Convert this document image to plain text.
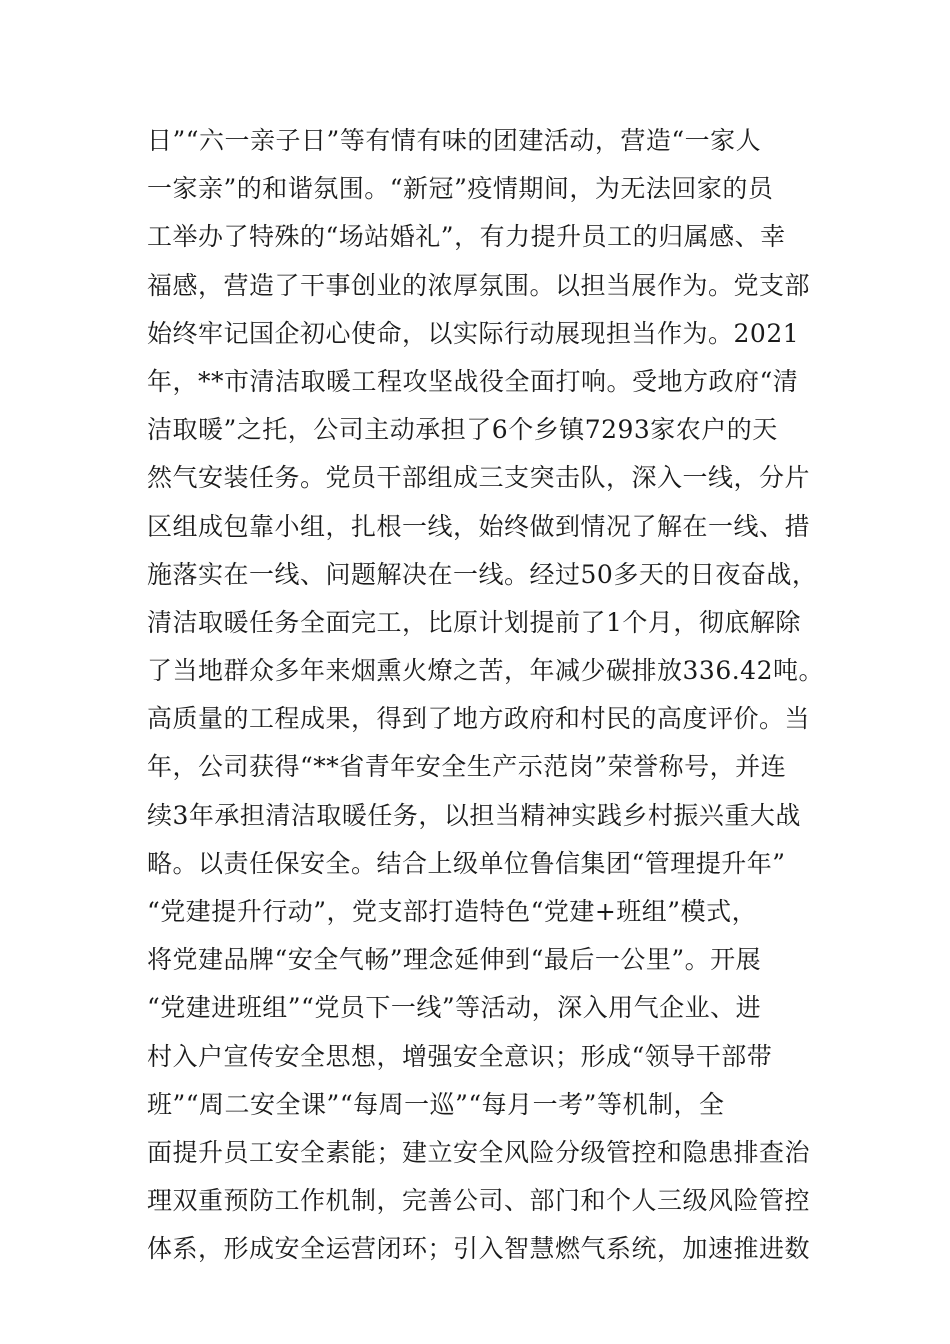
日”“六一亲子日”等有情有味的团建活动，营造“一家人
一家亲”的和谐氛围。“新冠”疫情期间，为无法回家的员
工举办了特殊的“场站婚礼”，有力提升员工的归属感、幸
福感，营造了干事创业的浓厚氛围。以担当展作为。党支部
始终牢记国企初心使命，以实际行动展现担当作为。2021
年，**市清洁取暖工程攻坚战役全面打响。受地方政府“清
洁取暖”之托，公司主动承担了6个乡镇7293家农户的天
然气安装任务。党员干部组成三支突击队，深入一线，分片
区组成包靠小组，扎根一线，始终做到情况了解在一线、措
施落实在一线、问题解决在一线。经过50多天的日夜奋战，
清洁取暖任务全面完工，比原计划提前了1个月，彻底解除
了当地群众多年来烟熏火燎之苦，年减少碳排放336.42吨。
高质量的工程成果，得到了地方政府和村民的高度评价。当
年，公司获得“**省青年安全生产示范岗”荣誉称号，并连
续3年承担清洁取暖任务，以担当精神实践乡村振兴重大战
略。以责任保安全。结合上级单位鲁信集团“管理提升年”
“党建提升行动”，党支部打造特色“党建+班组”模式，
将党建品牌“安全气畅”理念延伸到“最后一公里”。开展
“党建进班组”“党员下一线”等活动，深入用气企业、进
村入户宣传安全思想，增强安全意识；形成“领导干部带
班”“周二安全课”“每周一巡”“每月一考”等机制，全
面提升员工安全素能；建立安全风险分级管控和隐患排查治
理双重预防工作机制，完善公司、部门和个人三级风险管控
体系，形成安全运营闭环；引入智慧燃气系统，加速推进数
